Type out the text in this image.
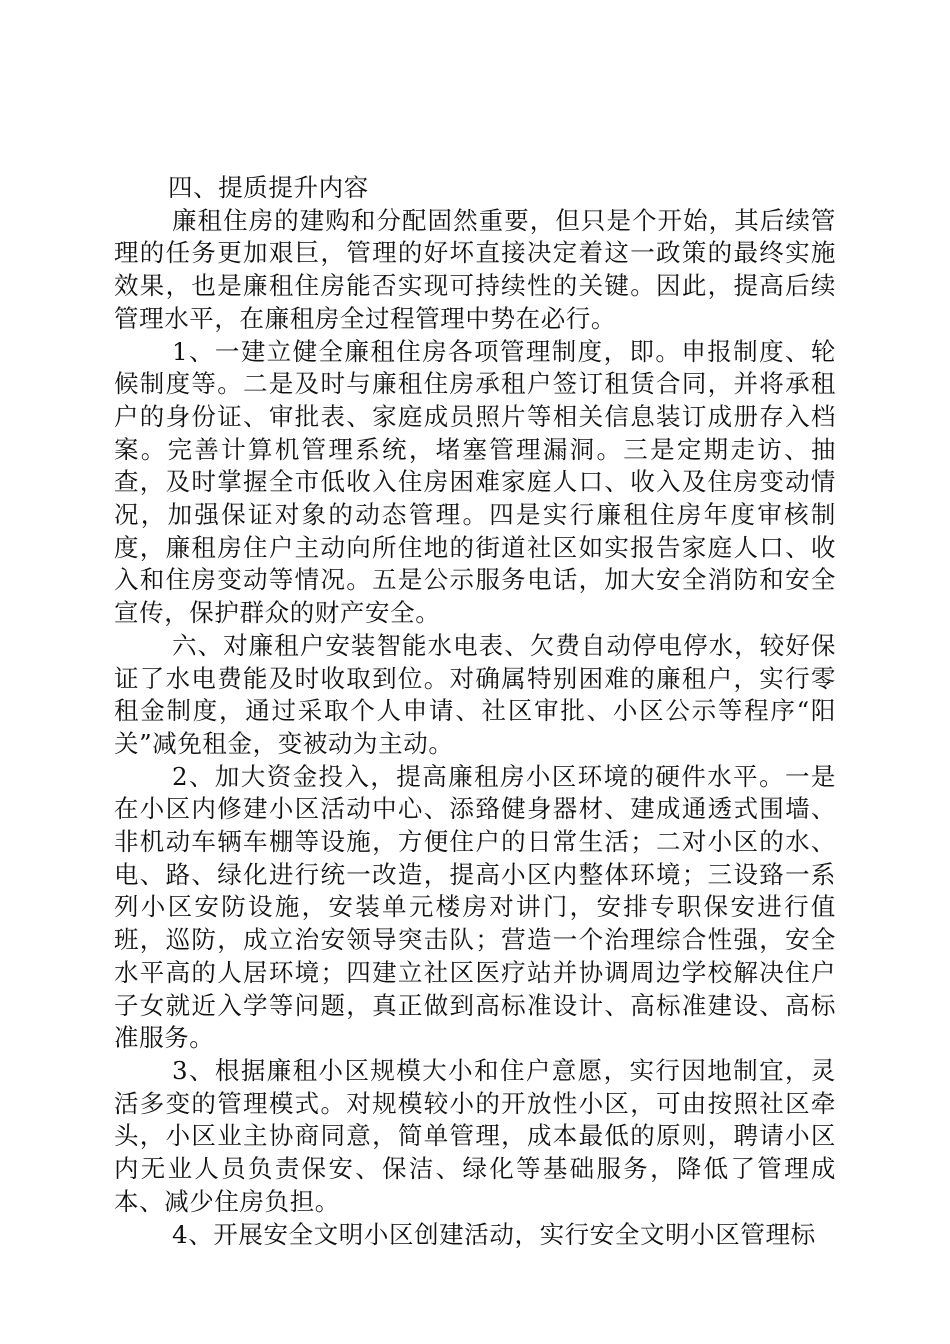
四、提质提升内容

廉租住房的建购和分配固然重要，但只是个开始，其后续管理的任务更加艰巨，管理的好坏直接决定着这一政策的最终实施效果，也是廉租住房能否实现可持续性的关键。因此，提高后续管理水平，在廉租房全过程管理中势在必行。

1、一建立健全廉租住房各项管理制度，即。申报制度、轮候制度等。二是及时与廉租住房承租户签订租赁合同，并将承租户的身份证、审批表、家庭成员照片等相关信息装订成册存入档案。完善计算机管理系统，堵塞管理漏洞。三是定期走访、抽查，及时掌握全市低收入住房困难家庭人口、收入及住房变动情况，加强保证对象的动态管理。四是实行廉租住房年度审核制度，廉租房住户主动向所住地的街道社区如实报告家庭人口、收入和住房变动等情况。五是公示服务电话，加大安全消防和安全宣传，保护群众的财产安全。

六、对廉租户安装智能水电表、欠费自动停电停水，较好保证了水电费能及时收取到位。对确属特别困难的廉租户，实行零租金制度，通过采取个人申请、社区审批、小区公示等程序“阳关”减免租金，变被动为主动。

2、加大资金投入，提高廉租房小区环境的硬件水平。一是在小区内修建小区活动中心、添臵健身器材、建成通透式围墙、非机动车辆车棚等设施，方便住户的日常生活；二对小区的水、电、路、绿化进行统一改造，提高小区内整体环境；三设臵一系列小区安防设施，安装单元楼房对讲门，安排专职保安进行值班，巡防，成立治安领导突击队；营造一个治理综合性强，安全水平高的人居环境；四建立社区医疗站并协调周边学校解决住户子女就近入学等问题，真正做到高标准设计、高标准建设、高标准服务。

3、根据廉租小区规模大小和住户意愿，实行因地制宜，灵活多变的管理模式。对规模较小的开放性小区，可由按照社区牵头，小区业主协商同意，简单管理，成本最低的原则，聘请小区内无业人员负责保安、保洁、绿化等基础服务，降低了管理成本、减少住房负担。

4、开展安全文明小区创建活动，实行安全文明小区管理标
